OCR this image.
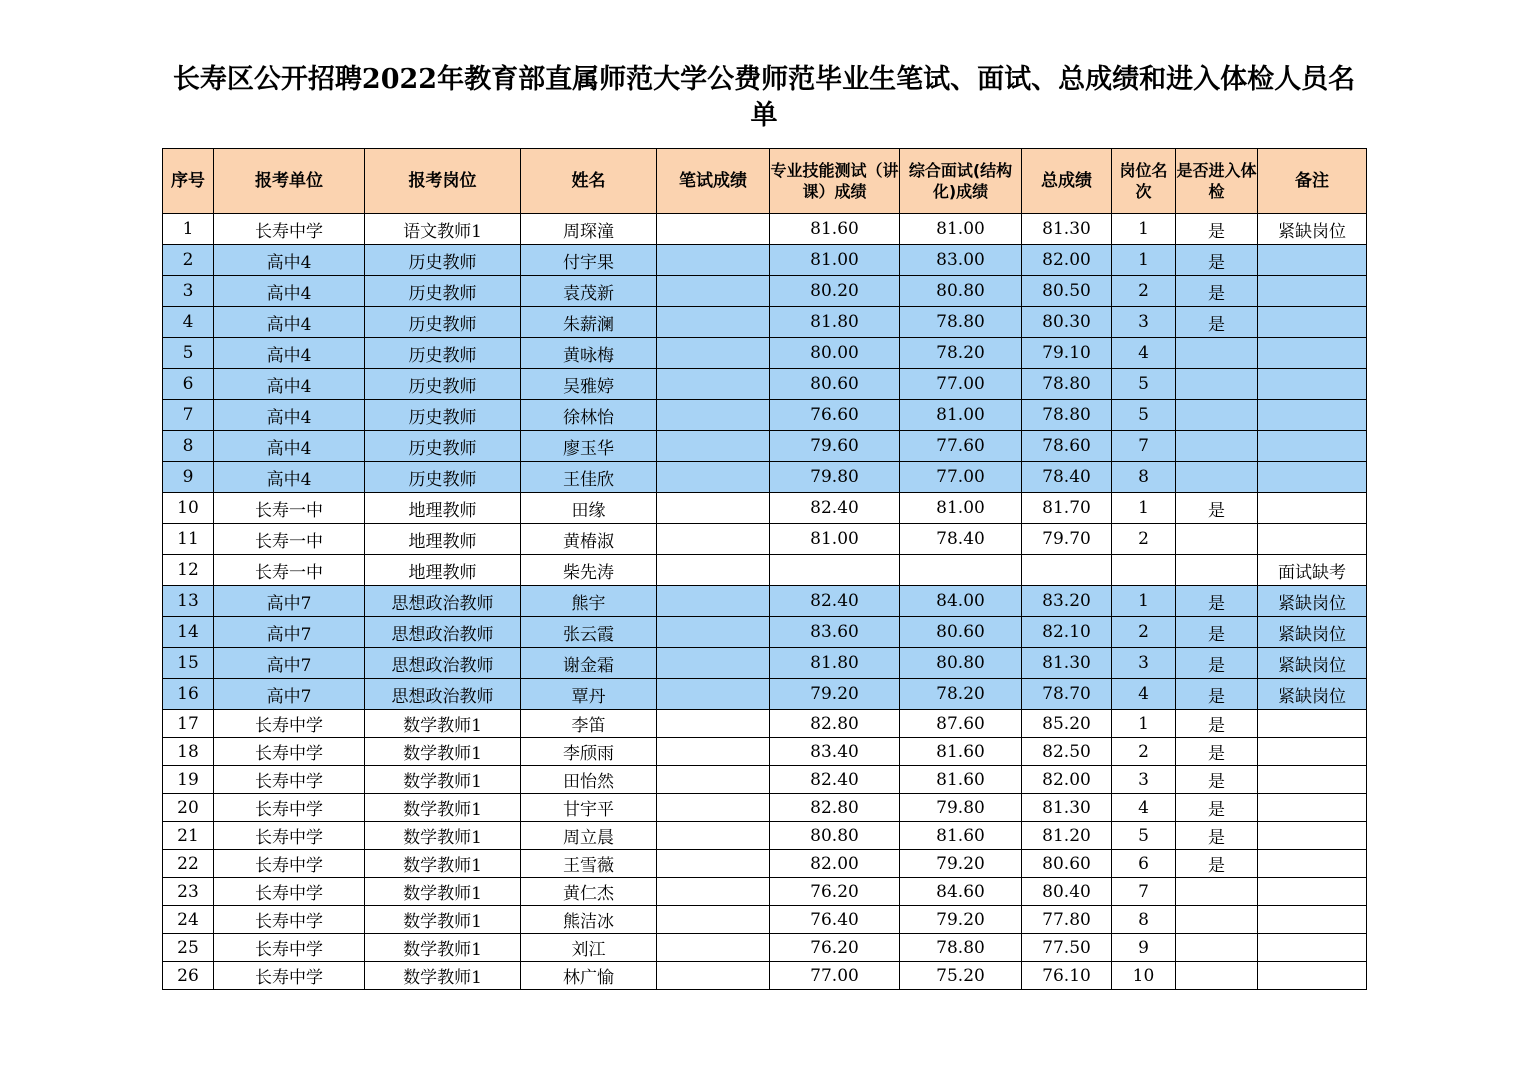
长寿区公开招聘2022年教育部直属师范大学公费师范毕业生笔试、面试、总成绩和进入体检人员名单
序号	报考单位	报考岗位	姓名	笔试成绩	专业技能测试（讲课）成绩	综合面试(结构化)成绩	总成绩	岗位名次	是否进入体检	备注
1	长寿中学	语文教师1	周琛潼		81.60	81.00	81.30	1	是	紧缺岗位
2	高中4	历史教师	付宇果		81.00	83.00	82.00	1	是	
3	高中4	历史教师	袁茂新		80.20	80.80	80.50	2	是	
4	高中4	历史教师	朱薪澜		81.80	78.80	80.30	3	是	
5	高中4	历史教师	黄咏梅		80.00	78.20	79.10	4		
6	高中4	历史教师	吴雅婷		80.60	77.00	78.80	5		
7	高中4	历史教师	徐林怡		76.60	81.00	78.80	5		
8	高中4	历史教师	廖玉华		79.60	77.60	78.60	7		
9	高中4	历史教师	王佳欣		79.80	77.00	78.40	8		
10	长寿一中	地理教师	田缘		82.40	81.00	81.70	1	是	
11	长寿一中	地理教师	黄椿淑		81.00	78.40	79.70	2		
12	长寿一中	地理教师	柴先涛							面试缺考
13	高中7	思想政治教师	熊宇		82.40	84.00	83.20	1	是	紧缺岗位
14	高中7	思想政治教师	张云霞		83.60	80.60	82.10	2	是	紧缺岗位
15	高中7	思想政治教师	谢金霜		81.80	80.80	81.30	3	是	紧缺岗位
16	高中7	思想政治教师	覃丹		79.20	78.20	78.70	4	是	紧缺岗位
17	长寿中学	数学教师1	李笛		82.80	87.60	85.20	1	是	
18	长寿中学	数学教师1	李颀雨		83.40	81.60	82.50	2	是	
19	长寿中学	数学教师1	田怡然		82.40	81.60	82.00	3	是	
20	长寿中学	数学教师1	甘宇平		82.80	79.80	81.30	4	是	
21	长寿中学	数学教师1	周立晨		80.80	81.60	81.20	5	是	
22	长寿中学	数学教师1	王雪薇		82.00	79.20	80.60	6	是	
23	长寿中学	数学教师1	黄仁杰		76.20	84.60	80.40	7		
24	长寿中学	数学教师1	熊洁冰		76.40	79.20	77.80	8		
25	长寿中学	数学教师1	刘江		76.20	78.80	77.50	9		
26	长寿中学	数学教师1	林广愉		77.00	75.20	76.10	10		
